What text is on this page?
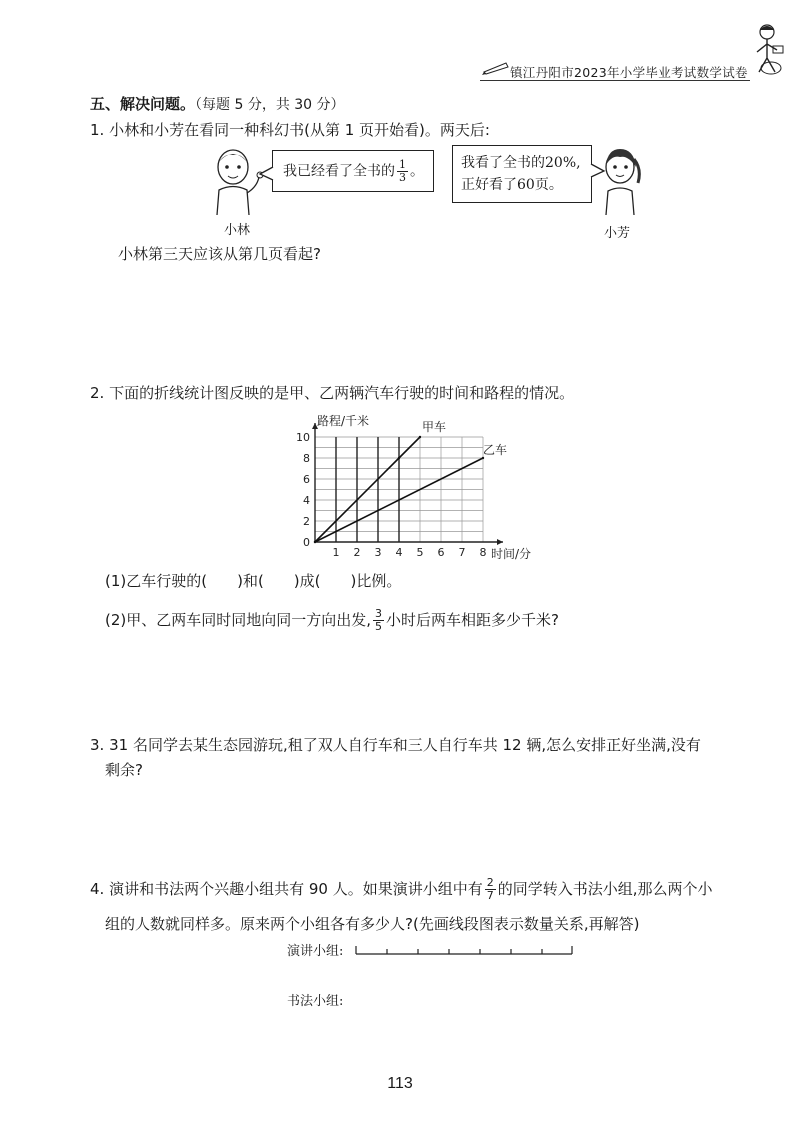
镇江丹阳市2023年小学毕业考试数学试卷
五、解决问题。（每题 5 分，共 30 分）
1. 小林和小芳在看同一种科幻书(从第 1 页开始看)。两天后:
我已经看了全书的 $\frac{1}{3}$ 。
我看了全书的20%,
正好看了60页。
小林	小芳
小林第三天应该从第几页看起?
2. 下面的折线统计图反映的是甲、乙两辆汽车行驶的时间和路程的情况。
1 2 3 4 5 6 7 8
0
2
4
6
8
10
路程/千米
时间/分
甲车
乙车
(1)乙车行驶的(　　)和(　　)成(　　)比例。
(2)甲、乙两车同时同地向同一方向出发, $\frac{3}{5}$ 小时后两车相距多少千米?
3. 31 名同学去某生态园游玩,租了双人自行车和三人自行车共 12 辆,怎么安排正好坐满,没有
剩余?
4. 演讲和书法两个兴趣小组共有 90 人。如果演讲小组中有 $\frac{2}{7}$ 的同学转入书法小组,那么两个小
组的人数就同样多。原来两个小组各有多少人?(先画线段图表示数量关系,再解答)
演讲小组:
书法小组:
113
